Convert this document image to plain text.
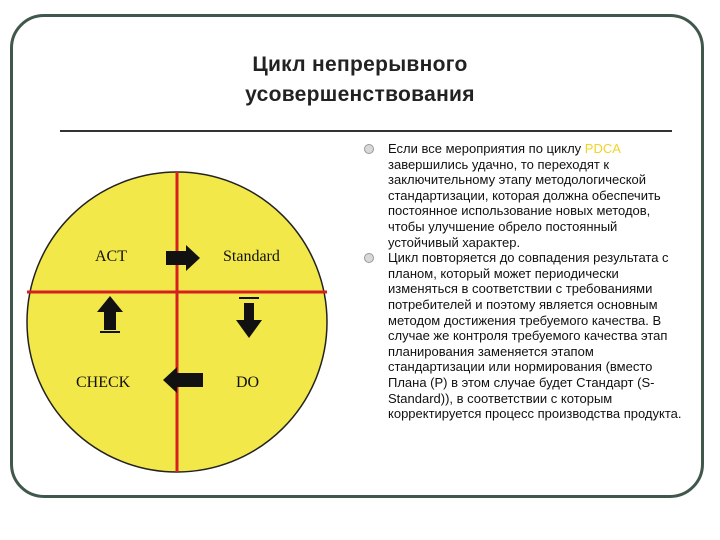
Цикл непрерывного
усовершенствования
ACT	Standard
CHECK	DO
Если все мероприятия по циклу PDCA завершились удачно, то переходят к заключительному этапу методологической стандартизации, которая должна обеспечить постоянное использование новых методов, чтобы улучшение обрело постоянный устойчивый характер.
Цикл повторяется до совпадения результата с планом, который может периодически изменяться в соответствии с требованиями потребителей и поэтому является основным методом достижения требуемого качества. В случае же контроля требуемого качества этап планирования заменяется этапом стандартизации или нормирования (вместо Плана (P) в этом случае будет Стандарт (S-Standard)), в соответствии с которым корректируется процесс производства продукта.
